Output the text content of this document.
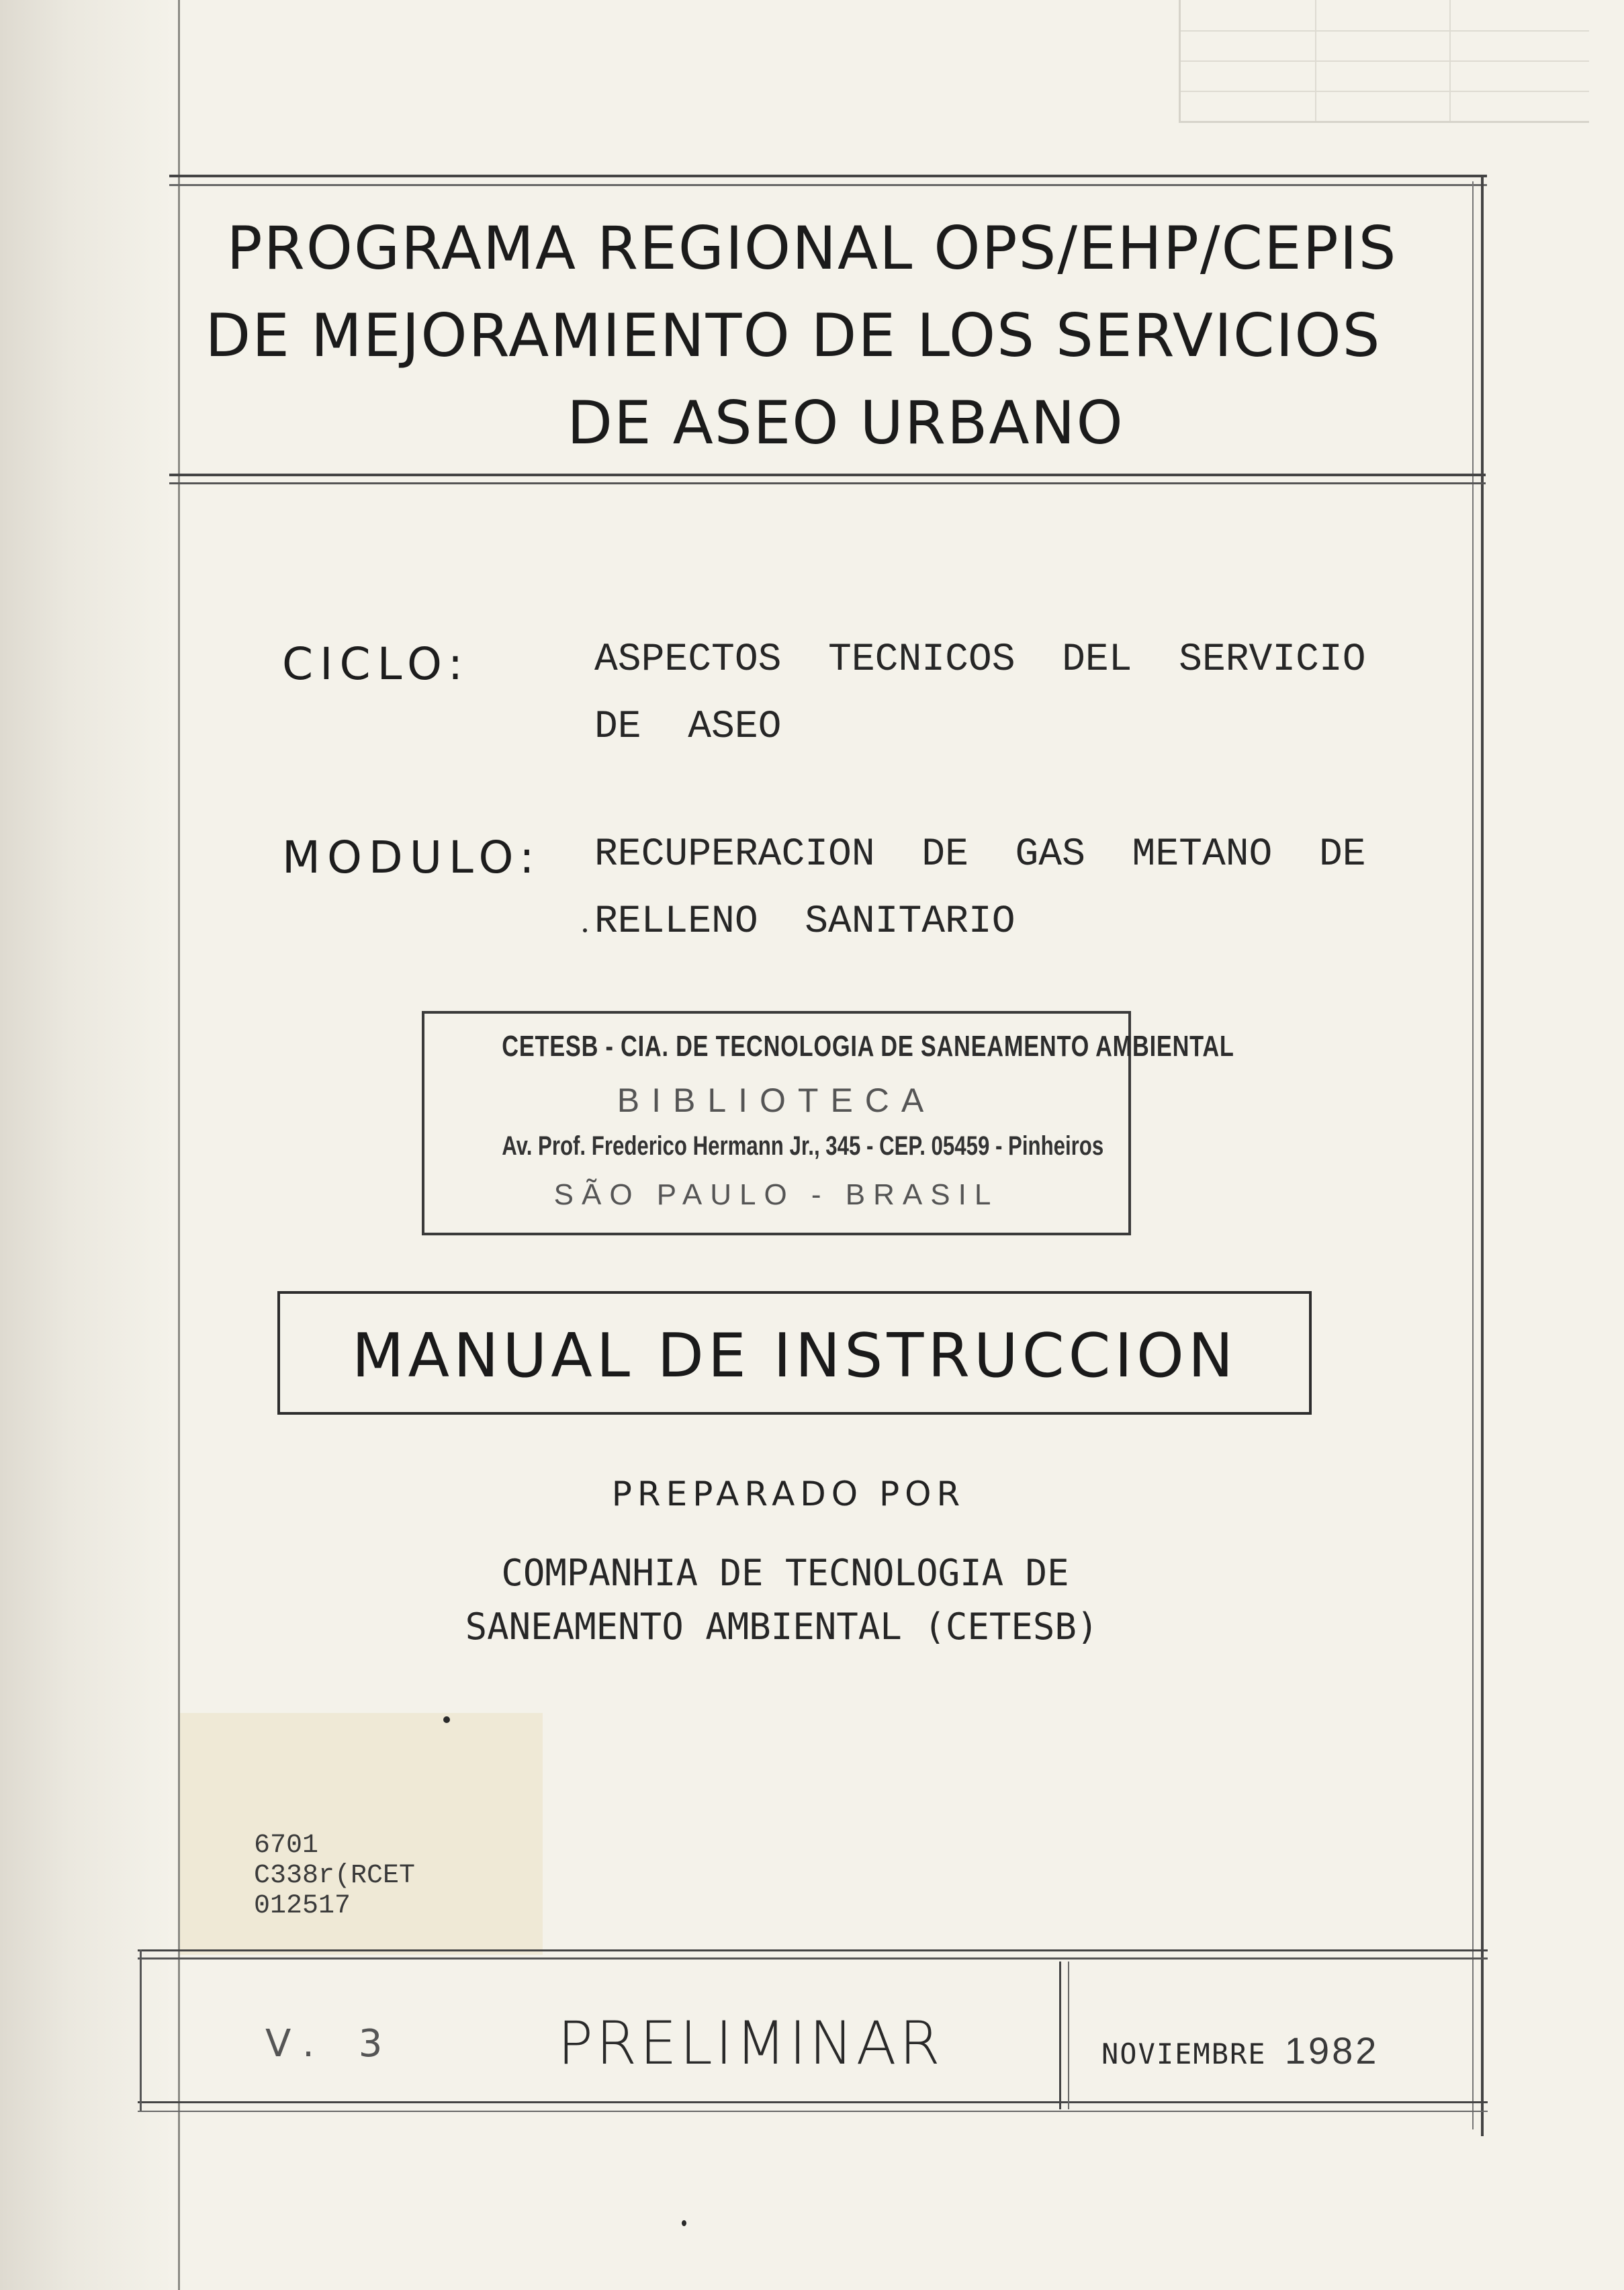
PROGRAMA REGIONAL OPS/EHP/CEPIS
DE MEJORAMIENTO DE LOS SERVICIOS
DE ASEO URBANO
CICLO:	ASPECTOS  TECNICOS  DEL  SERVICIO
DE  ASEO
MODULO: RECUPERACION  DE  GAS  METANO  DE
RELLENO  SANITARIO
CETESB - CIA. DE TECNOLOGIA DE SANEAMENTO AMBIENTAL
BIBLIOTECA
Av. Prof. Frederico Hermann Jr., 345 - CEP. 05459 - Pinheiros
SÃO PAULO - BRASIL
MANUAL DE INSTRUCCION
PREPARADO POR
COMPANHIA DE TECNOLOGIA DE
SANEAMENTO AMBIENTAL (CETESB)
6701
C338r(RCET
012517
V. 3	PRELIMINAR	NOVIEMBRE 1982
